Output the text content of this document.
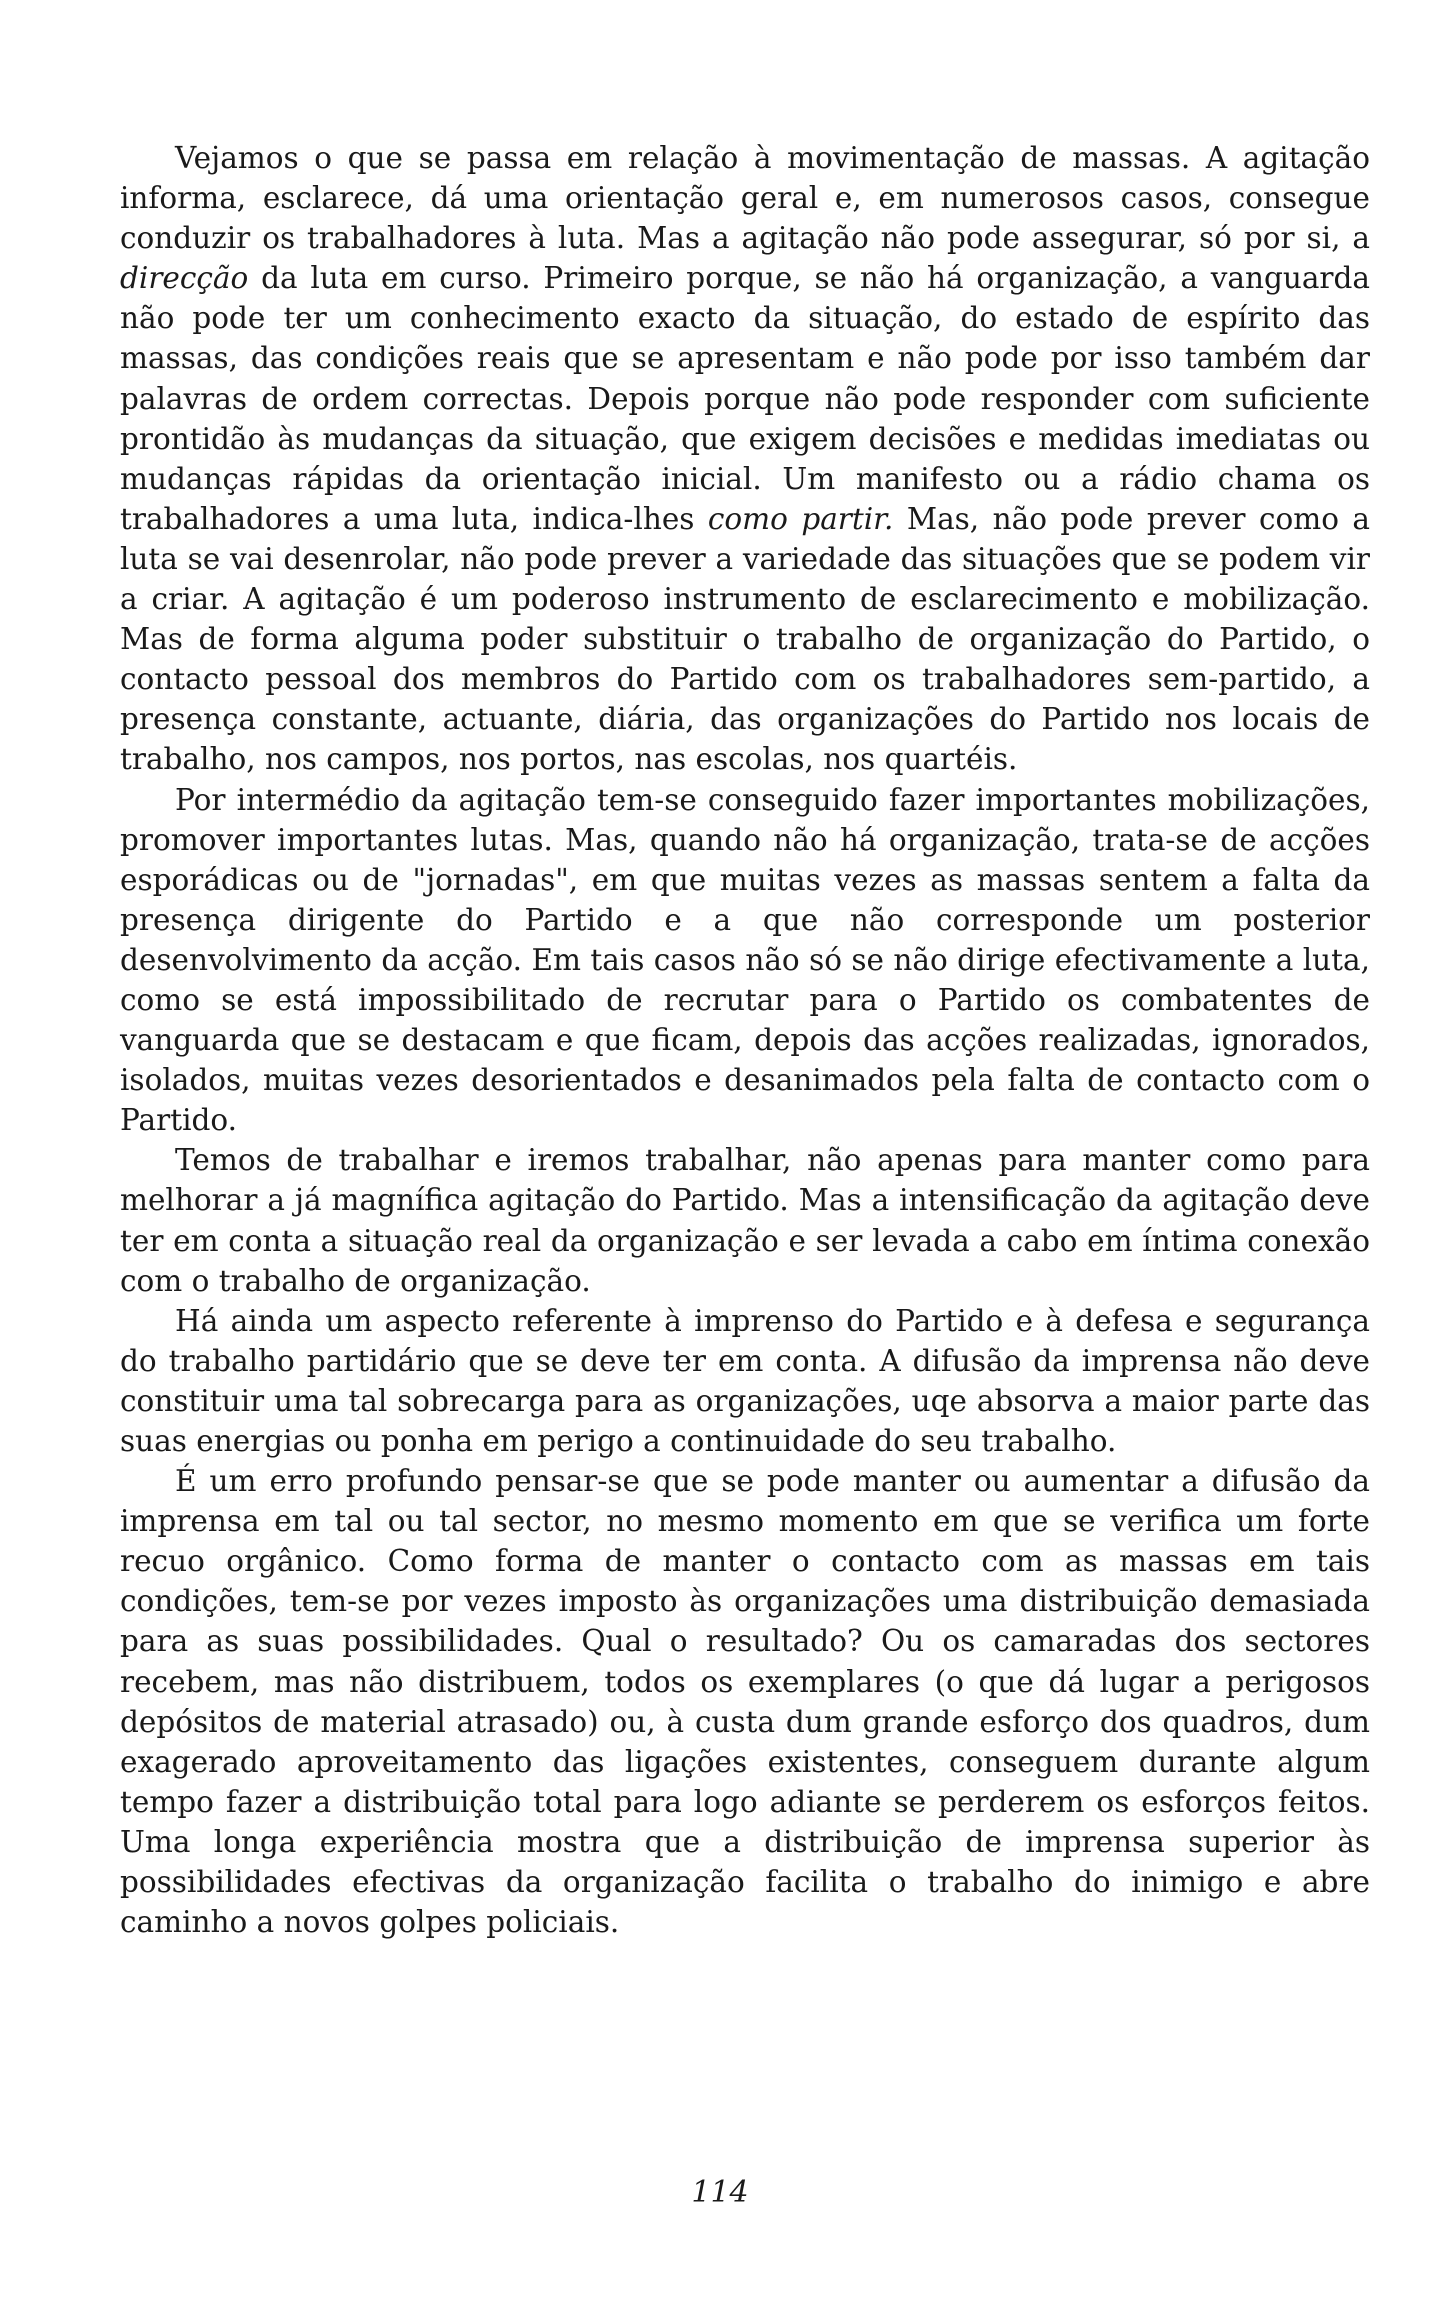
Vejamos o que se passa em relação à movimentação de massas. A agitação informa, esclarece, dá uma orientação geral e, em numerosos casos, consegue conduzir os trabalhadores à luta. Mas a agitação não pode assegurar, só por si, a direcção da luta em curso. Primeiro porque, se não há organização, a vanguarda não pode ter um conhecimento exacto da situação, do estado de espírito das massas, das condições reais que se apresentam e não pode por isso também dar palavras de ordem correctas. Depois porque não pode responder com suficiente prontidão às mudanças da situação, que exigem decisões e medidas imediatas ou mudanças rápidas da orientação inicial. Um manifesto ou a rádio chama os trabalhadores a uma luta, indica-lhes como partir. Mas, não pode prever como a luta se vai desenrolar, não pode prever a variedade das situações que se podem vir a criar. A agitação é um poderoso instrumento de esclarecimento e mobilização. Mas de forma alguma poder substituir o trabalho de organização do Partido, o contacto pessoal dos membros do Partido com os trabalhadores sem-partido, a presença constante, actuante, diária, das organizações do Partido nos locais de trabalho, nos campos, nos portos, nas escolas, nos quartéis.

Por intermédio da agitação tem-se conseguido fazer importantes mobilizações, promover importantes lutas. Mas, quando não há organização, trata-se de acções esporádicas ou de "jornadas", em que muitas vezes as massas sentem a falta da presença dirigente do Partido e a que não corresponde um posterior desenvolvimento da acção. Em tais casos não só se não dirige efectivamente a luta, como se está impossibilitado de recrutar para o Partido os combatentes de vanguarda que se destacam e que ficam, depois das acções realizadas, ignorados, isolados, muitas vezes desorientados e desanimados pela falta de contacto com o Partido.

Temos de trabalhar e iremos trabalhar, não apenas para manter como para melhorar a já magnífica agitação do Partido. Mas a intensificação da agitação deve ter em conta a situação real da organização e ser levada a cabo em íntima conexão com o trabalho de organização.

Há ainda um aspecto referente à imprenso do Partido e à defesa e segurança do trabalho partidário que se deve ter em conta. A difusão da imprensa não deve constituir uma tal sobrecarga para as organizações, uqe absorva a maior parte das suas energias ou ponha em perigo a continuidade do seu trabalho.

É um erro profundo pensar-se que se pode manter ou aumentar a difusão da imprensa em tal ou tal sector, no mesmo momento em que se verifica um forte recuo orgânico. Como forma de manter o contacto com as massas em tais condições, tem-se por vezes imposto às organizações uma distribuição demasiada para as suas possibilidades. Qual o resultado? Ou os camaradas dos sectores recebem, mas não distribuem, todos os exemplares (o que dá lugar a perigosos depósitos de material atrasado) ou, à custa dum grande esforço dos quadros, dum exagerado aproveitamento das ligações existentes, conseguem durante algum tempo fazer a distribuição total para logo adiante se perderem os esforços feitos. Uma longa experiência mostra que a distribuição de imprensa superior às possibilidades efectivas da organização facilita o trabalho do inimigo e abre caminho a novos golpes policiais.

114
